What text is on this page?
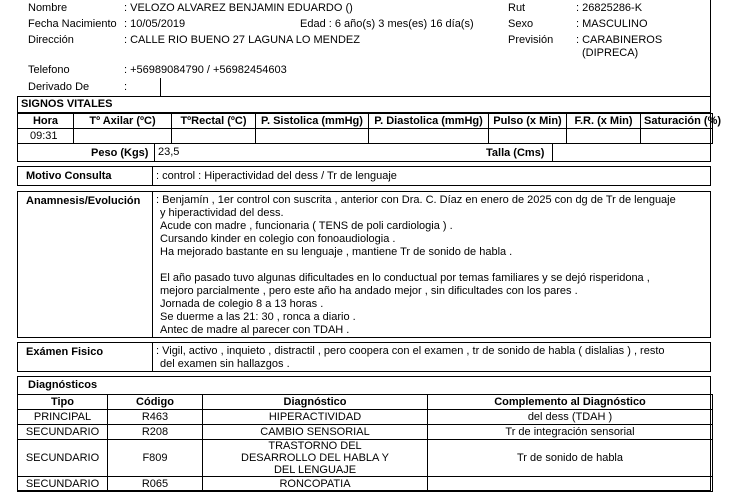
Nombre	: VELOZO ALVAREZ BENJAMIN EDUARDO ()	Rut	: 26825286-K
Fecha Nacimiento : 10/05/2019	Edad : 6 año(s) 3 mes(es) 16 día(s)	Sexo	: MASCULINO
Dirección	: CALLE RIO BUENO 27 LAGUNA LO MENDEZ	Previsión : CARABINEROS
(DIPRECA)
Telefono	: +56989084790 / +56982454603
Derivado De	:
SIGNOS VITALES
Hora	Tº Axilar (ºC)	TºRectal (ºC)	P. Sistolica (mmHg)	P. Diastolica (mmHg)	Pulso (x Min)	F.R. (x Min)	Saturación (%)
09:31							
Peso (Kgs) 23,5	Talla (Cms)
Motivo Consulta	: control : Hiperactividad del dess / Tr de lenguaje
Anamnesis/Evolución : Benjamín , 1er control con suscrita , anterior con Dra. C. Díaz en enero de 2025 con dg de Tr de lenguaje
y hiperactividad del dess.
Acude con madre , funcionaria ( TENS de poli cardiologia ) .
Cursando kinder en colegio con fonoaudiologia .
Ha mejorado bastante en su lenguaje , mantiene Tr de sonido de habla .
El año pasado tuvo algunas dificultades en lo conductual por temas familiares y se dejó risperidona ,
mejoro parcialmente , pero este año ha andado mejor , sin dificultades con los pares .
Jornada de colegio 8 a 13 horas .
Se duerme a las 21: 30 , ronca a diario .
Antec de madre al parecer con TDAH .
Exámen Fisico	: Vigil, activo , inquieto , distractil , pero coopera con el examen , tr de sonido de habla ( dislalias ) , resto
del examen sin hallazgos .
Diagnósticos
Tipo	Código	Diagnóstico	Complemento al Diagnóstico
PRINCIPAL	R463	HIPERACTIVIDAD	del dess (TDAH )
SECUNDARIO	R208	CAMBIO SENSORIAL	Tr de integración sensorial
SECUNDARIO	F809	TRASTORNO DEL DESARROLLO DEL HABLA Y DEL LENGUAJE	Tr de sonido de habla
SECUNDARIO	R065	RONCOPATIA	
